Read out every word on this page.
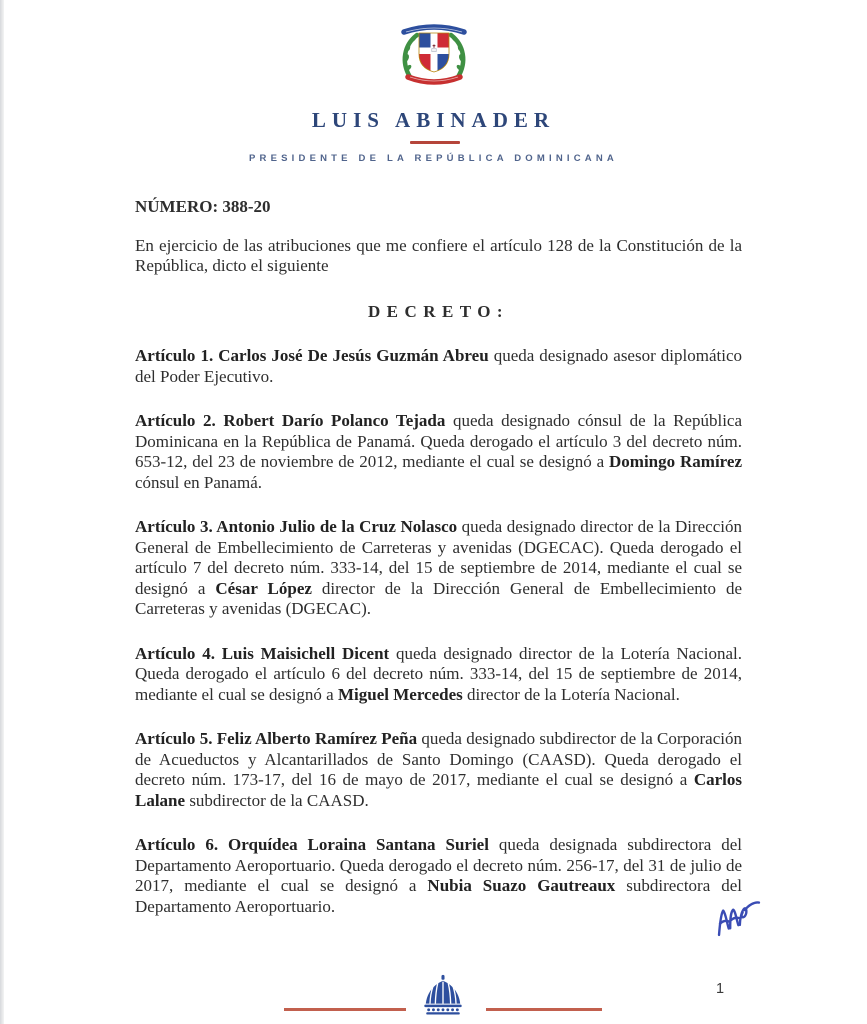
LUIS ABINADER
PRESIDENTE DE LA REPÚBLICA DOMINICANA

NÚMERO: 388-20

En ejercicio de las atribuciones que me confiere el artículo 128 de la Constitución de la República, dicto el siguiente

DECRETO:

Artículo 1. Carlos José De Jesús Guzmán Abreu queda designado asesor diplomático del Poder Ejecutivo.

Artículo 2. Robert Darío Polanco Tejada queda designado cónsul de la República Dominicana en la República de Panamá. Queda derogado el artículo 3 del decreto núm. 653-12, del 23 de noviembre de 2012, mediante el cual se designó a Domingo Ramírez cónsul en Panamá.

Artículo 3. Antonio Julio de la Cruz Nolasco queda designado director de la Dirección General de Embellecimiento de Carreteras y avenidas (DGECAC). Queda derogado el artículo 7 del decreto núm. 333-14, del 15 de septiembre de 2014, mediante el cual se designó a César López director de la Dirección General de Embellecimiento de Carreteras y avenidas (DGECAC).

Artículo 4. Luis Maisichell Dicent queda designado director de la Lotería Nacional. Queda derogado el artículo 6 del decreto núm. 333-14, del 15 de septiembre de 2014, mediante el cual se designó a Miguel Mercedes director de la Lotería Nacional.

Artículo 5. Feliz Alberto Ramírez Peña queda designado subdirector de la Corporación de Acueductos y Alcantarillados de Santo Domingo (CAASD). Queda derogado el decreto núm. 173-17, del 16 de mayo de 2017, mediante el cual se designó a Carlos Lalane subdirector de la CAASD.

Artículo 6. Orquídea Loraina Santana Suriel queda designada subdirectora del Departamento Aeroportuario. Queda derogado el decreto núm. 256-17, del 31 de julio de 2017, mediante el cual se designó a Nubia Suazo Gautreaux subdirectora del Departamento Aeroportuario.

1
